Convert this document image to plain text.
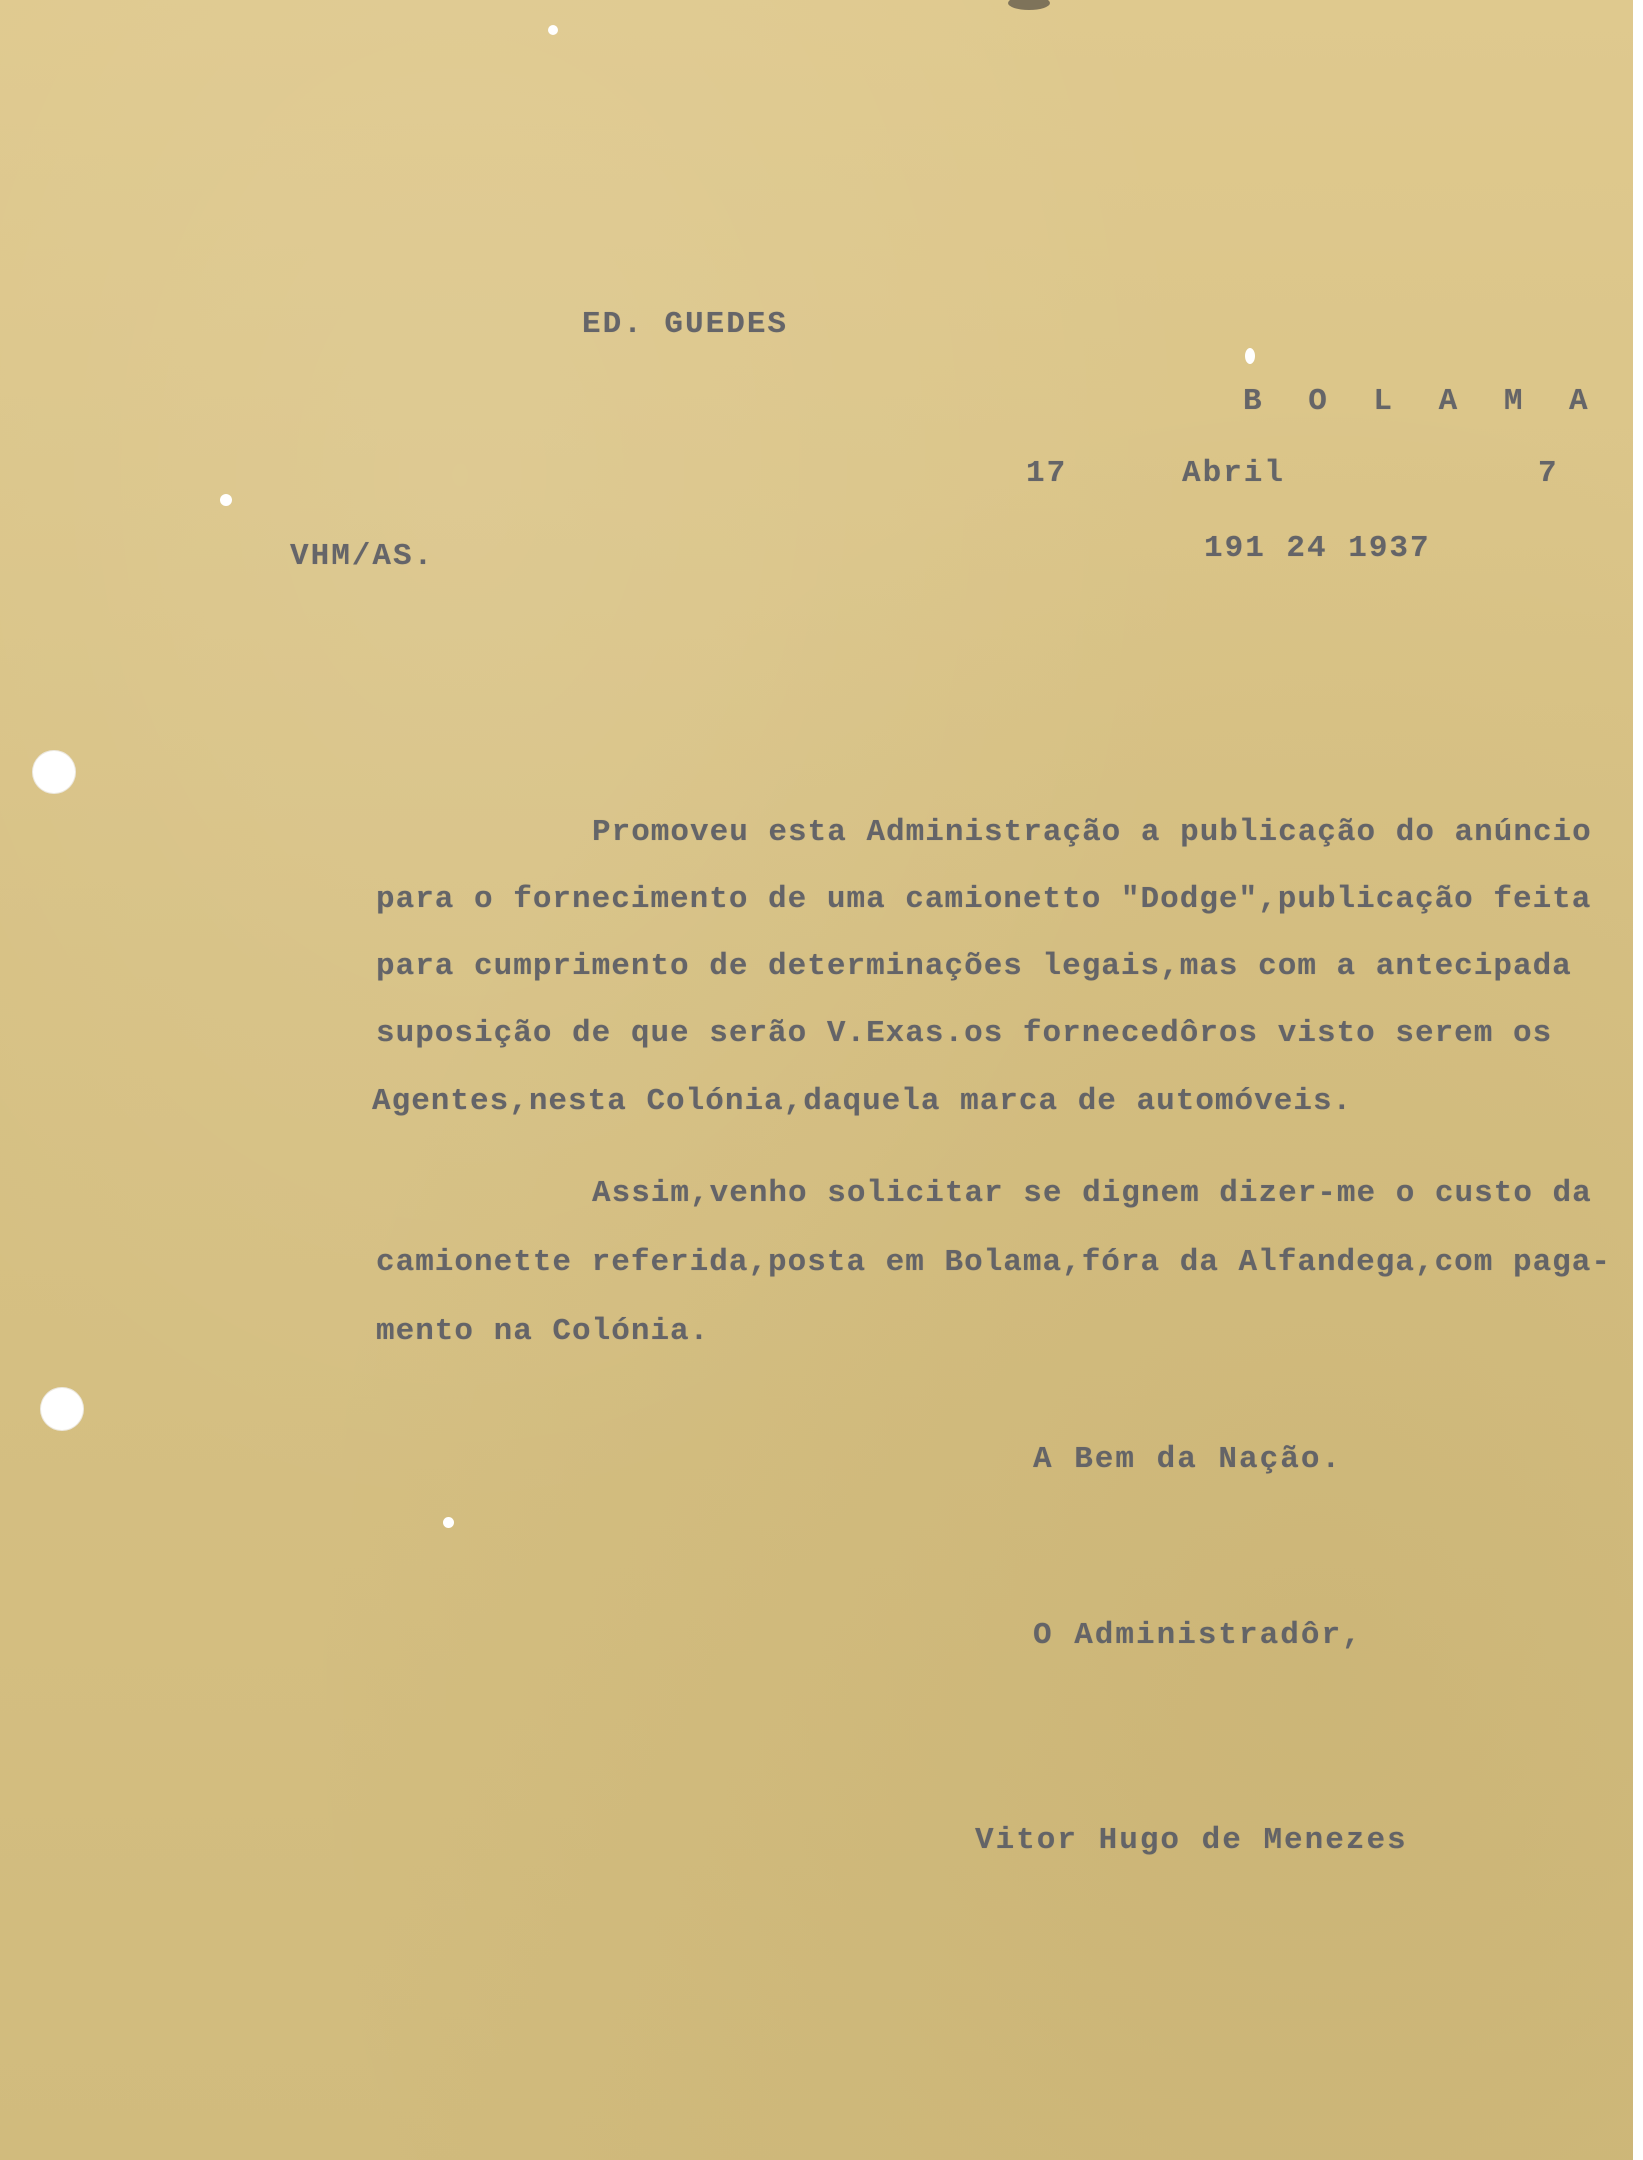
ED. GUEDES
B O L A M A
17	Abril	7
VHM/AS.	191 24 1937
Promoveu esta Administração a publicação do anúncio
para o fornecimento de uma camionetto "Dodge",publicação feita
para cumprimento de determinações legais,mas com a antecipada
suposição de que serão V.Exas.os fornecedôros visto serem os
Agentes,nesta Colónia,daquela marca de automóveis.
Assim,venho solicitar se dignem dizer-me o custo da
camionette referida,posta em Bolama,fóra da Alfandega,com paga-
mento na Colónia.
A Bem da Nação.
O Administradôr,
Vitor Hugo de Menezes
